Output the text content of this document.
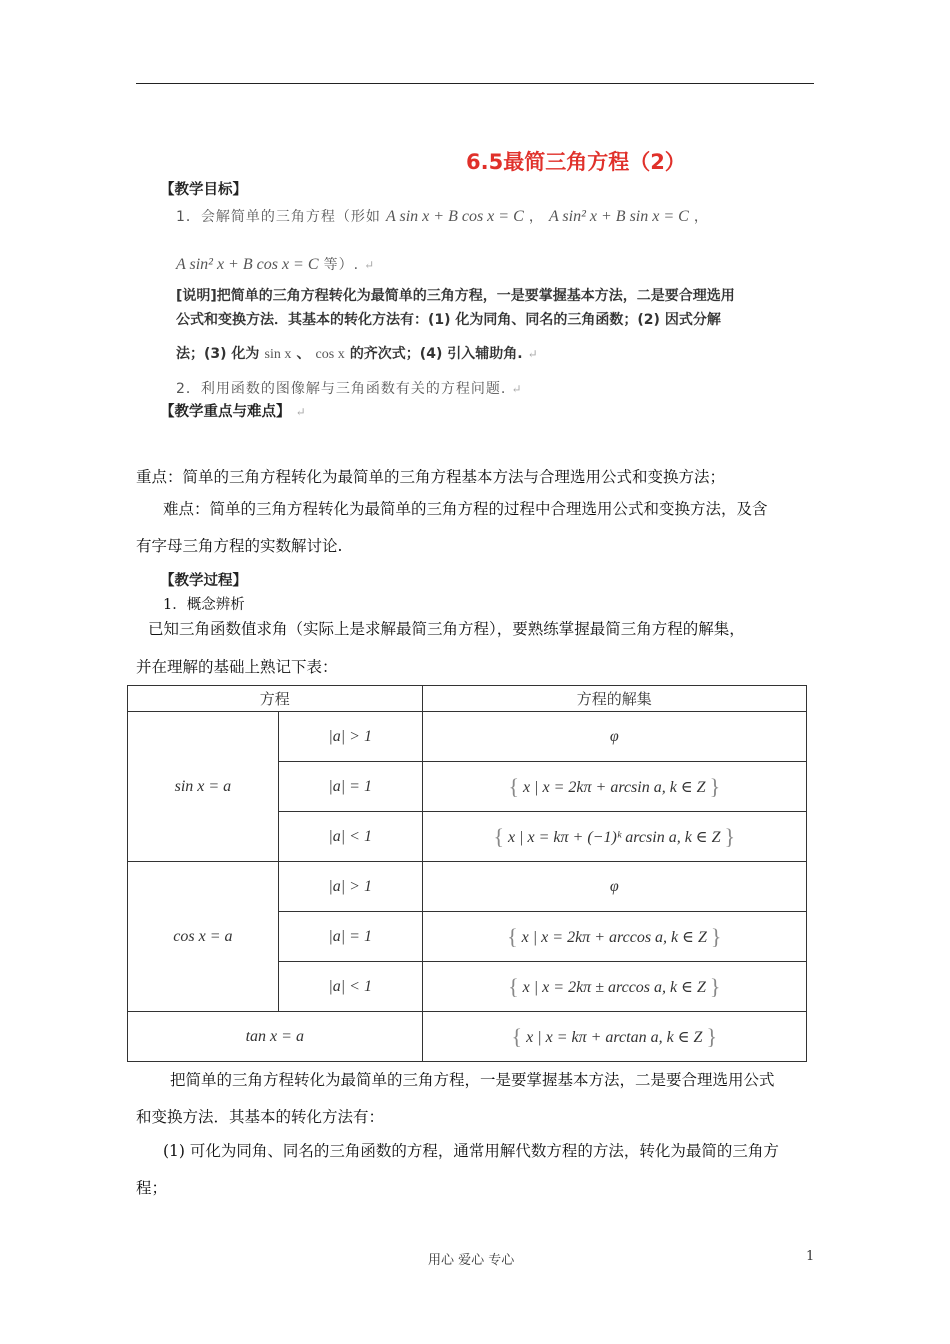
6.5最简三角方程（2）
【教学目标】
1．会解简单的三角方程（形如 A sin x + B cos x = C ， A sin² x + B sin x = C ，
A sin² x + B cos x = C 等）. ↵
[说明]把简单的三角方程转化为最简单的三角方程，一是要掌握基本方法，二是要合理选用
公式和变换方法．其基本的转化方法有：(1) 化为同角、同名的三角函数；(2) 因式分解
法；(3) 化为 sin x 、 cos x 的齐次式；(4) 引入辅助角. ↵
2．利用函数的图像解与三角函数有关的方程问题. ↵
【教学重点与难点】 ↵
重点：简单的三角方程转化为最简单的三角方程基本方法与合理选用公式和变换方法；
难点：简单的三角方程转化为最简单的三角方程的过程中合理选用公式和变换方法，及含
有字母三角方程的实数解讨论.
【教学过程】
1．概念辨析
已知三角函数值求角（实际上是求解最简三角方程），要熟练掌握最简三角方程的解集，
并在理解的基础上熟记下表：
方程		方程的解集
sin x = a	|a| > 1	φ
	|a| = 1	{ x | x = 2kπ + arcsin a, k ∈ Z }
	|a| < 1	{ x | x = kπ + (−1)ᵏ arcsin a, k ∈ Z }
cos x = a	|a| > 1	φ
	|a| = 1	{ x | x = 2kπ + arccos a, k ∈ Z }
	|a| < 1	{ x | x = 2kπ ± arccos a, k ∈ Z }
tan x = a		{ x | x = kπ + arctan a, k ∈ Z }
把简单的三角方程转化为最简单的三角方程，一是要掌握基本方法，二是要合理选用公式
和变换方法．其基本的转化方法有：
(1) 可化为同角、同名的三角函数的方程，通常用解代数方程的方法，转化为最简的三角方
程；
用心 爱心 专心	1
